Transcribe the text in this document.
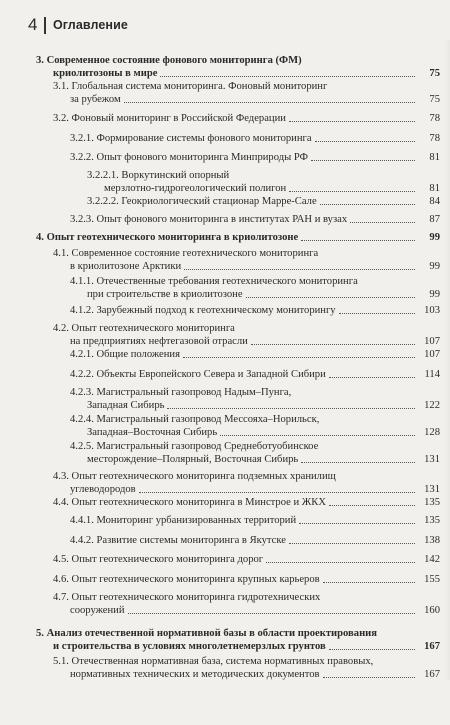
4 Оглавление
3. Современное состояние фонового мониторинга (ФМ)
криолитозоны в мире	75
3.1. Глобальная система мониторинга. Фоновый мониторинг
за рубежом	75
3.2. Фоновый мониторинг в Российской Федерации	78
3.2.1. Формирование системы фонового мониторинга	78
3.2.2. Опыт фонового мониторинга Минприроды РФ	81
3.2.2.1. Воркутинский опорный
мерзлотно-гидрогеологический полигон	81
3.2.2.2. Геокриологический стационар Марре-Сале	84
3.2.3. Опыт фонового мониторинга в институтах РАН и вузах	87
4. Опыт геотехнического мониторинга в криолитозоне	99
4.1. Современное состояние геотехнического мониторинга
в криолитозоне Арктики	99
4.1.1. Отечественные требования геотехнического мониторинга
при строительстве в криолитозоне	99
4.1.2. Зарубежный подход к геотехническому мониторингу	103
4.2. Опыт геотехнического мониторинга
на предприятиях нефтегазовой отрасли	107
4.2.1. Общие положения	107
4.2.2. Объекты Европейского Севера и Западной Сибири	114
4.2.3. Магистральный газопровод Надым–Пунга,
Западная Сибирь	122
4.2.4. Магистральный газопровод Мессояха–Норильск,
Западная–Восточная Сибирь	128
4.2.5. Магистральный газопровод Среднеботуобинское
месторождение–Полярный, Восточная Сибирь	131
4.3. Опыт геотехнического мониторинга подземных хранилищ
углеводородов	131
4.4. Опыт геотехнического мониторинга в Минстрое и ЖКХ	135
4.4.1. Мониторинг урбанизированных территорий	135
4.4.2. Развитие системы мониторинга в Якутске	138
4.5. Опыт геотехнического мониторинга дорог	142
4.6. Опыт геотехнического мониторинга крупных карьеров	155
4.7. Опыт геотехнического мониторинга гидротехнических
сооружений	160
5. Анализ отечественной нормативной базы в области проектирования
и строительства в условиях многолетнемерзлых грунтов	167
5.1. Отечественная нормативная база, система нормативных правовых,
нормативных технических и методических документов	167
